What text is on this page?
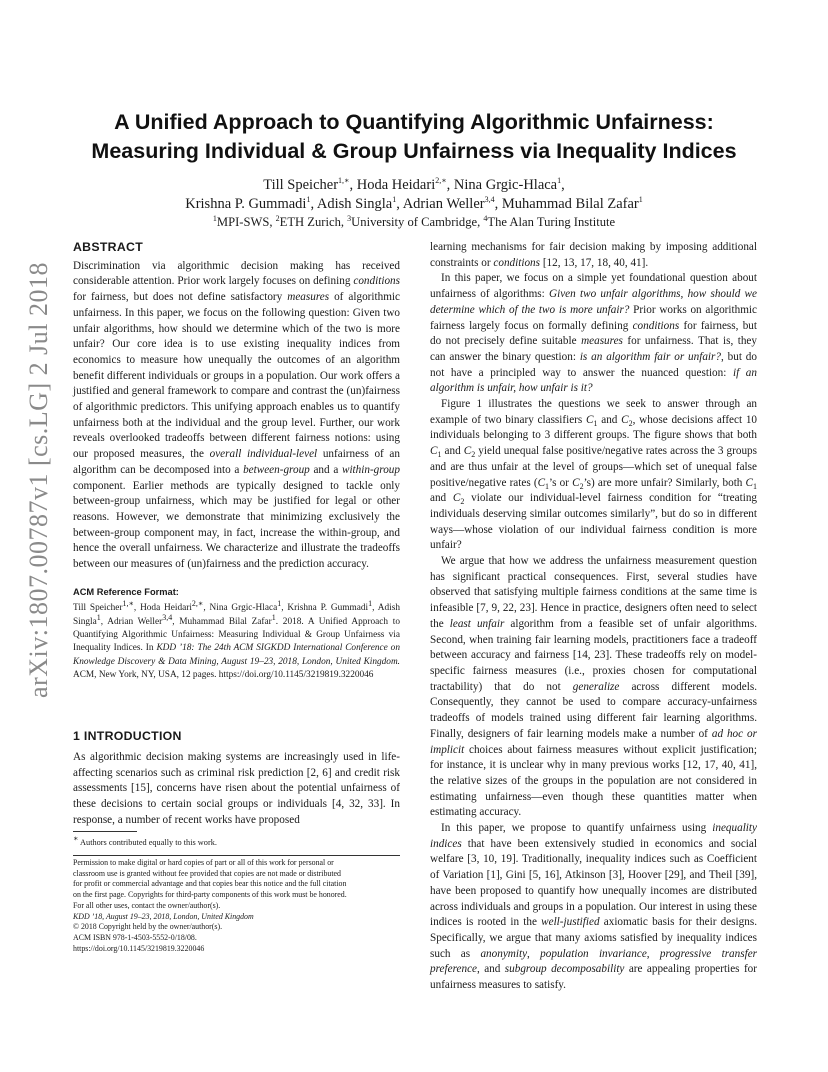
arXiv:1807.00787v1 [cs.LG] 2 Jul 2018
A Unified Approach to Quantifying Algorithmic Unfairness:
Measuring Individual & Group Unfairness via Inequality Indices
Till Speicher$^{1,∗}$, Hoda Heidari$^{2,∗}$, Nina Grgic-Hlaca$^1$,
Krishna P. Gummadi$^1$, Adish Singla$^1$, Adrian Weller$^{3,4}$, Muhammad Bilal Zafar$^1$
$^1$MPI-SWS, $^2$ETH Zurich, $^3$University of Cambridge, $^4$The Alan Turing Institute
ABSTRACT

Discrimination via algorithmic decision making has received considerable attention. Prior work largely focuses on defining conditions for fairness, but does not define satisfactory measures of algorithmic unfairness. In this paper, we focus on the following question: Given two unfair algorithms, how should we determine which of the two is more unfair? Our core idea is to use existing inequality indices from economics to measure how unequally the outcomes of an algorithm benefit different individuals or groups in a population. Our work offers a justified and general framework to compare and contrast the (un)fairness of algorithmic predictors. This unifying approach enables us to quantify unfairness both at the individual and the group level. Further, our work reveals overlooked tradeoffs between different fairness notions: using our proposed measures, the overall individual-level unfairness of an algorithm can be decomposed into a between-group and a within-group component. Earlier methods are typically designed to tackle only between-group unfairness, which may be justified for legal or other reasons. However, we demonstrate that minimizing exclusively the between-group component may, in fact, increase the within-group, and hence the overall unfairness. We characterize and illustrate the tradeoffs between our measures of (un)fairness and the prediction accuracy.

ACM Reference Format:
Till Speicher$^{1,∗}$, Hoda Heidari$^{2,∗}$, Nina Grgic-Hlaca$^1$, Krishna P. Gummadi$^1$, Adish Singla$^1$, Adrian Weller$^{3,4}$, Muhammad Bilal Zafar$^1$. 2018. A Unified Approach to Quantifying Algorithmic Unfairness: Measuring Individual & Group Unfairness via Inequality Indices. In KDD ’18: The 24th ACM SIGKDD International Conference on Knowledge Discovery & Data Mining, August 19–23, 2018, London, United Kingdom. ACM, New York, NY, USA, 12 pages. https://doi.org/10.1145/3219819.3220046
1 INTRODUCTION
As algorithmic decision making systems are increasingly used in life-affecting scenarios such as criminal risk prediction [2, 6] and credit risk assessments [15], concerns have risen about the potential unfairness of these decisions to certain social groups or individuals [4, 32, 33]. In response, a number of recent works have proposed
∗ Authors contributed equally to this work.
Permission to make digital or hard copies of part or all of this work for personal or
classroom use is granted without fee provided that copies are not made or distributed
for profit or commercial advantage and that copies bear this notice and the full citation
on the first page. Copyrights for third-party components of this work must be honored.
For all other uses, contact the owner/author(s).
KDD ’18, August 19–23, 2018, London, United Kingdom
© 2018 Copyright held by the owner/author(s).
ACM ISBN 978-1-4503-5552-0/18/08.
https://doi.org/10.1145/3219819.3220046

learning mechanisms for fair decision making by imposing additional constraints or conditions [12, 13, 17, 18, 40, 41].

In this paper, we focus on a simple yet foundational question about unfairness of algorithms: Given two unfair algorithms, how should we determine which of the two is more unfair? Prior works on algorithmic fairness largely focus on formally defining conditions for fairness, but do not precisely define suitable measures for unfairness. That is, they can answer the binary question: is an algorithm fair or unfair?, but do not have a principled way to answer the nuanced question: if an algorithm is unfair, how unfair is it?

Figure 1 illustrates the questions we seek to answer through an example of two binary classifiers $C_1$ and $C_2$, whose decisions affect 10 individuals belonging to 3 different groups. The figure shows that both $C_1$ and $C_2$ yield unequal false positive/negative rates across the 3 groups and are thus unfair at the level of groups—which set of unequal false positive/negative rates ($C_1’s$ or $C_2’s$) are more unfair? Similarly, both $C_1$ and $C_2$ violate our individual-level fairness condition for “treating individuals deserving similar outcomes similarly”, but do so in different ways—whose violation of our individual fairness condition is more unfair?

We argue that how we address the unfairness measurement question has significant practical consequences. First, several studies have observed that satisfying multiple fairness conditions at the same time is infeasible [7, 9, 22, 23]. Hence in practice, designers often need to select the least unfair algorithm from a feasible set of unfair algorithms. Second, when training fair learning models, practitioners face a tradeoff between accuracy and fairness [14, 23]. These tradeoffs rely on model-specific fairness measures (i.e., proxies chosen for computational tractability) that do not generalize across different models. Consequently, they cannot be used to compare accuracy-unfairness tradeoffs of models trained using different fair learning algorithms. Finally, designers of fair learning models make a number of ad hoc or implicit choices about fairness measures without explicit justification; for instance, it is unclear why in many previous works [12, 17, 40, 41], the relative sizes of the groups in the population are not considered in estimating unfairness—even though these quantities matter when estimating accuracy.

In this paper, we propose to quantify unfairness using inequality indices that have been extensively studied in economics and social welfare [3, 10, 19]. Traditionally, inequality indices such as Coefficient of Variation [1], Gini [5, 16], Atkinson [3], Hoover [29], and Theil [39], have been proposed to quantify how unequally incomes are distributed across individuals and groups in a population. Our interest in using these indices is rooted in the well-justified axiomatic basis for their designs. Specifically, we argue that many axioms satisfied by inequality indices such as anonymity, population invariance, progressive transfer preference, and subgroup decomposability are appealing properties for unfairness measures to satisfy.
